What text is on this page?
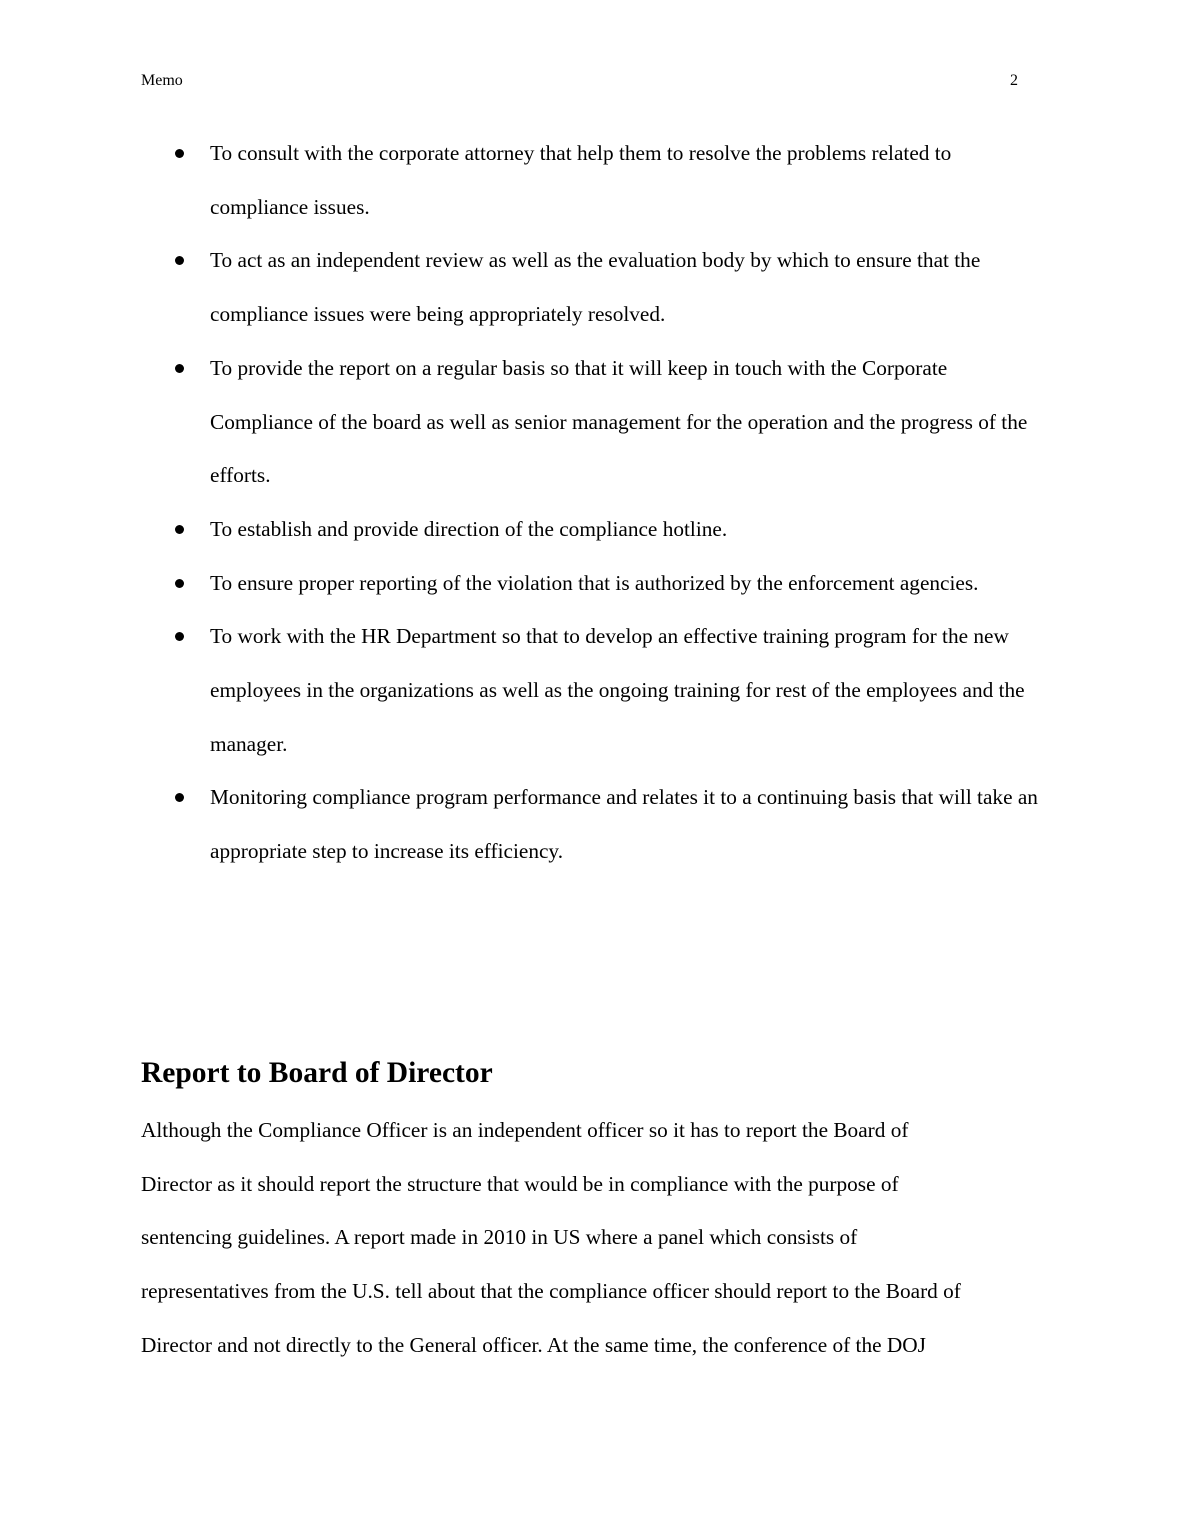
Memo	2
To consult with the corporate attorney that help them to resolve the problems related to compliance issues.
To act as an independent review as well as the evaluation body by which to ensure that the compliance issues were being appropriately resolved.
To provide the report on a regular basis so that it will keep in touch with the Corporate Compliance of the board as well as senior management for the operation and the progress of the efforts.
To establish and provide direction of the compliance hotline.
To ensure proper reporting of the violation that is authorized by the enforcement agencies.
To work with the HR Department so that to develop an effective training program for the new employees in the organizations as well as the ongoing training for rest of the employees and the manager.
Monitoring compliance program performance and relates it to a continuing basis that will take an appropriate step to increase its efficiency.
Report to Board of Director

Although the Compliance Officer is an independent officer so it has to report the Board of
Director as it should report the structure that would be in compliance with the purpose of
sentencing guidelines. A report made in 2010 in US where a panel which consists of
representatives from the U.S. tell about that the compliance officer should report to the Board of
Director and not directly to the General officer. At the same time, the conference of the DOJ
